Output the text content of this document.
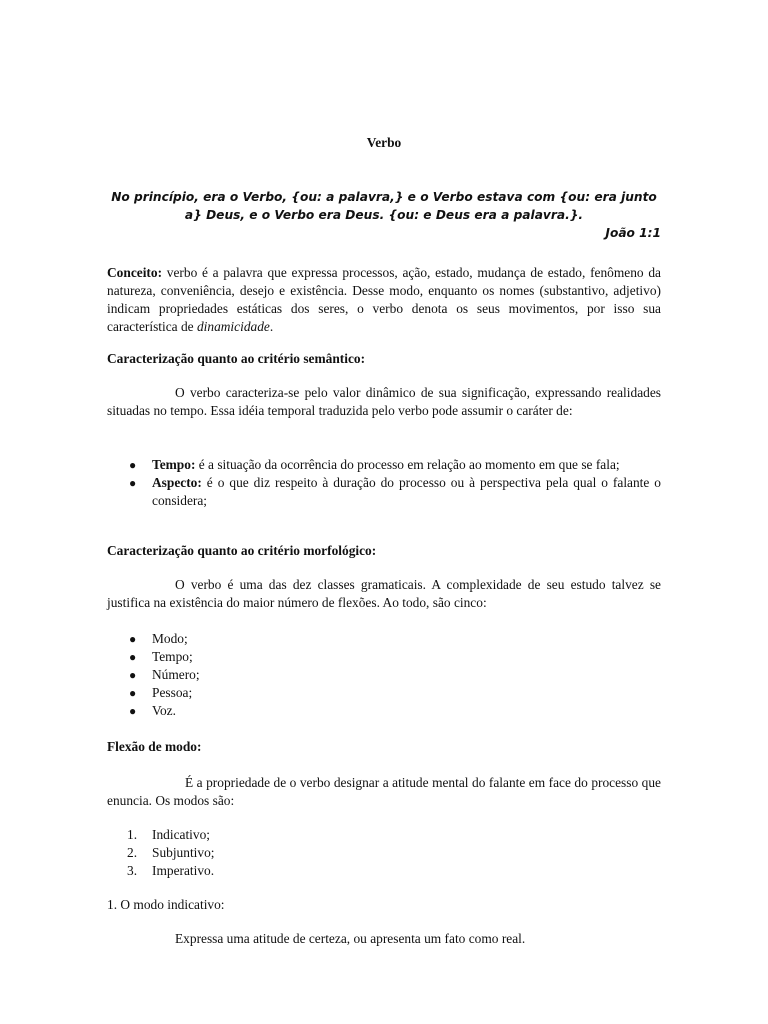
Verbo
No princípio, era o Verbo, {ou: a palavra,} e o Verbo estava com {ou: era junto
a} Deus, e o Verbo era Deus. {ou: e Deus era a palavra.}.
João 1:1
Conceito: verbo é a palavra que expressa processos, ação, estado, mudança de estado, fenômeno da natureza, conveniência, desejo e existência. Desse modo, enquanto os nomes (substantivo, adjetivo) indicam propriedades estáticas dos seres, o verbo denota os seus movimentos, por isso sua característica de dinamicidade.
Caracterização quanto ao critério semântico:
O verbo caracteriza-se pelo valor dinâmico de sua significação, expressando realidades situadas no tempo. Essa idéia temporal traduzida pelo verbo pode assumir o caráter de:
● Tempo: é a situação da ocorrência do processo em relação ao momento em que se fala;
● Aspecto: é o que diz respeito à duração do processo ou à perspectiva pela qual o falante o considera;
Caracterização quanto ao critério morfológico:
O verbo é uma das dez classes gramaticais. A complexidade de seu estudo talvez se justifica na existência do maior número de flexões. Ao todo, são cinco:
● Modo;
● Tempo;
● Número;
● Pessoa;
● Voz.
Flexão de modo:
É a propriedade de o verbo designar a atitude mental do falante em face do processo que enuncia. Os modos são:
1. Indicativo;
2. Subjuntivo;
3. Imperativo.
1. O modo indicativo:
Expressa uma atitude de certeza, ou apresenta um fato como real.
